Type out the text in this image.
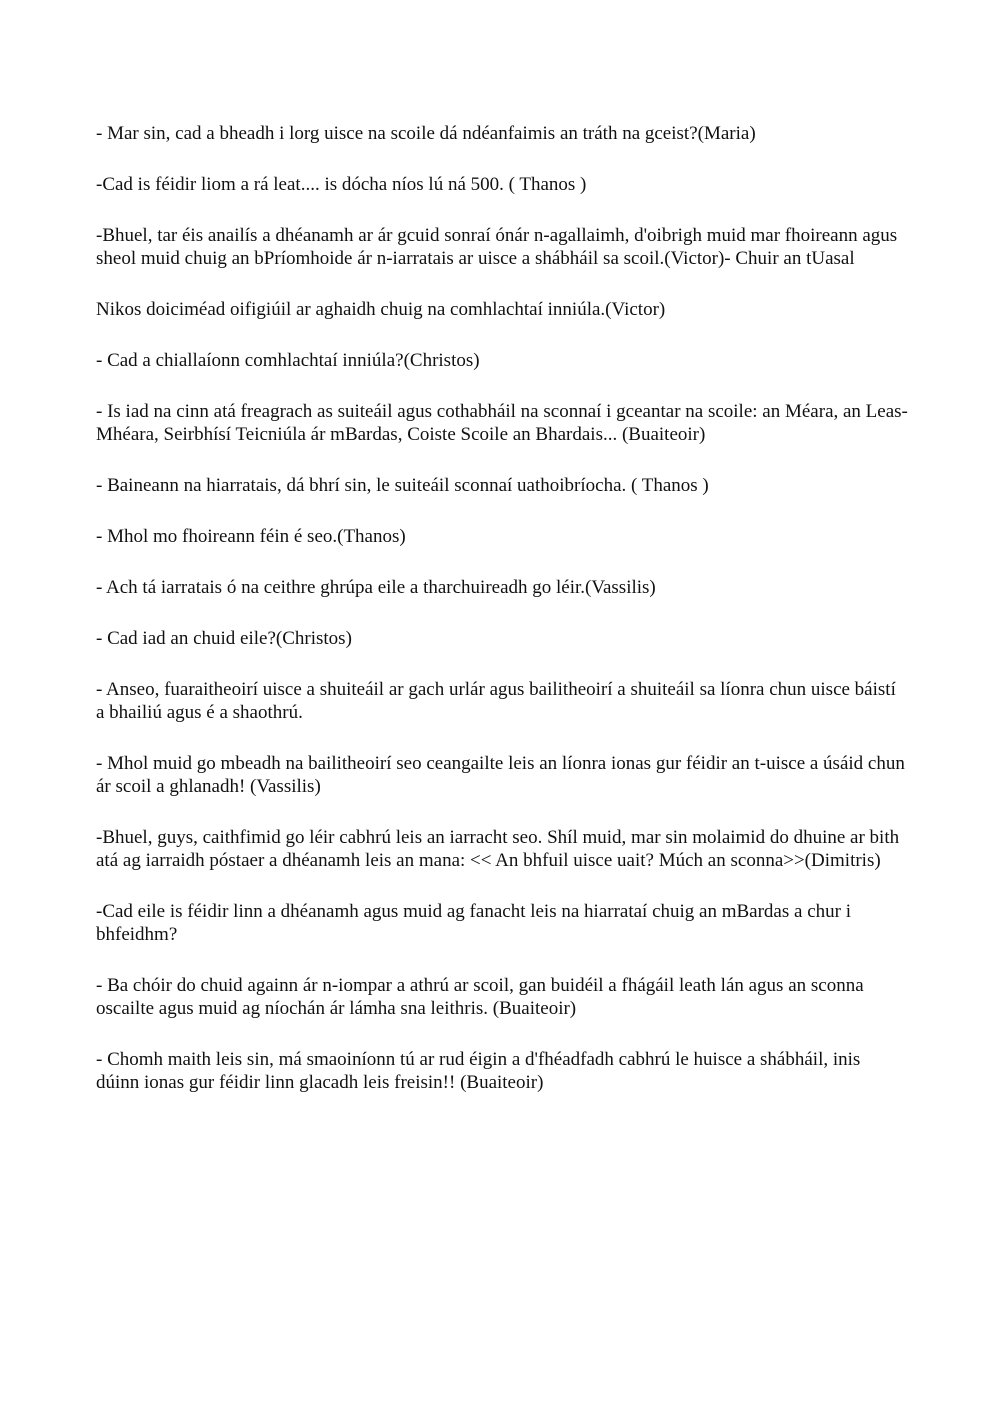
- Mar sin, cad a bheadh i lorg uisce na scoile dá ndéanfaimis an tráth na gceist?(Maria)

-Cad is féidir liom a rá leat.... is dócha níos lú ná 500. ( Thanos )

-Bhuel, tar éis anailís a dhéanamh ar ár gcuid sonraí ónár n-agallaimh, d'oibrigh muid mar fhoireann agus sheol muid chuig an bPríomhoide ár n-iarratais ar uisce a shábháil sa scoil.(Victor)- Chuir an tUasal

Nikos doiciméad oifigiúil ar aghaidh chuig na comhlachtaí inniúla.(Victor)

- Cad a chiallaíonn comhlachtaí inniúla?(Christos)

- Is iad na cinn atá freagrach as suiteáil agus cothabháil na sconnaí i gceantar na scoile: an Méara, an Leas-Mhéara, Seirbhísí Teicniúla ár mBardas, Coiste Scoile an Bhardais... (Buaiteoir)

- Baineann na hiarratais, dá bhrí sin, le suiteáil sconnaí uathoibríocha. ( Thanos )

- Mhol mo fhoireann féin é seo.(Thanos)

- Ach tá iarratais ó na ceithre ghrúpa eile a tharchuireadh go léir.(Vassilis)

- Cad iad an chuid eile?(Christos)

- Anseo, fuaraitheoirí uisce a shuiteáil ar gach urlár agus bailitheoirí a shuiteáil sa líonra chun uisce báistí a bhailiú agus é a shaothrú.

- Mhol muid go mbeadh na bailitheoirí seo ceangailte leis an líonra ionas gur féidir an t-uisce a úsáid chun ár scoil a ghlanadh! (Vassilis)

-Bhuel, guys, caithfimid go léir cabhrú leis an iarracht seo. Shíl muid, mar sin molaimid do dhuine ar bith atá ag iarraidh póstaer a dhéanamh leis an mana: << An bhfuil uisce uait? Múch an sconna>>(Dimitris)

-Cad eile is féidir linn a dhéanamh agus muid ag fanacht leis na hiarrataí chuig an mBardas a chur i bhfeidhm?

- Ba chóir do chuid againn ár n-iompar a athrú ar scoil, gan buidéil a fhágáil leath lán agus an sconna oscailte agus muid ag níochán ár lámha sna leithris. (Buaiteoir)

- Chomh maith leis sin, má smaoiníonn tú ar rud éigin a d'fhéadfadh cabhrú le huisce a shábháil, inis dúinn ionas gur féidir linn glacadh leis freisin!! (Buaiteoir)
